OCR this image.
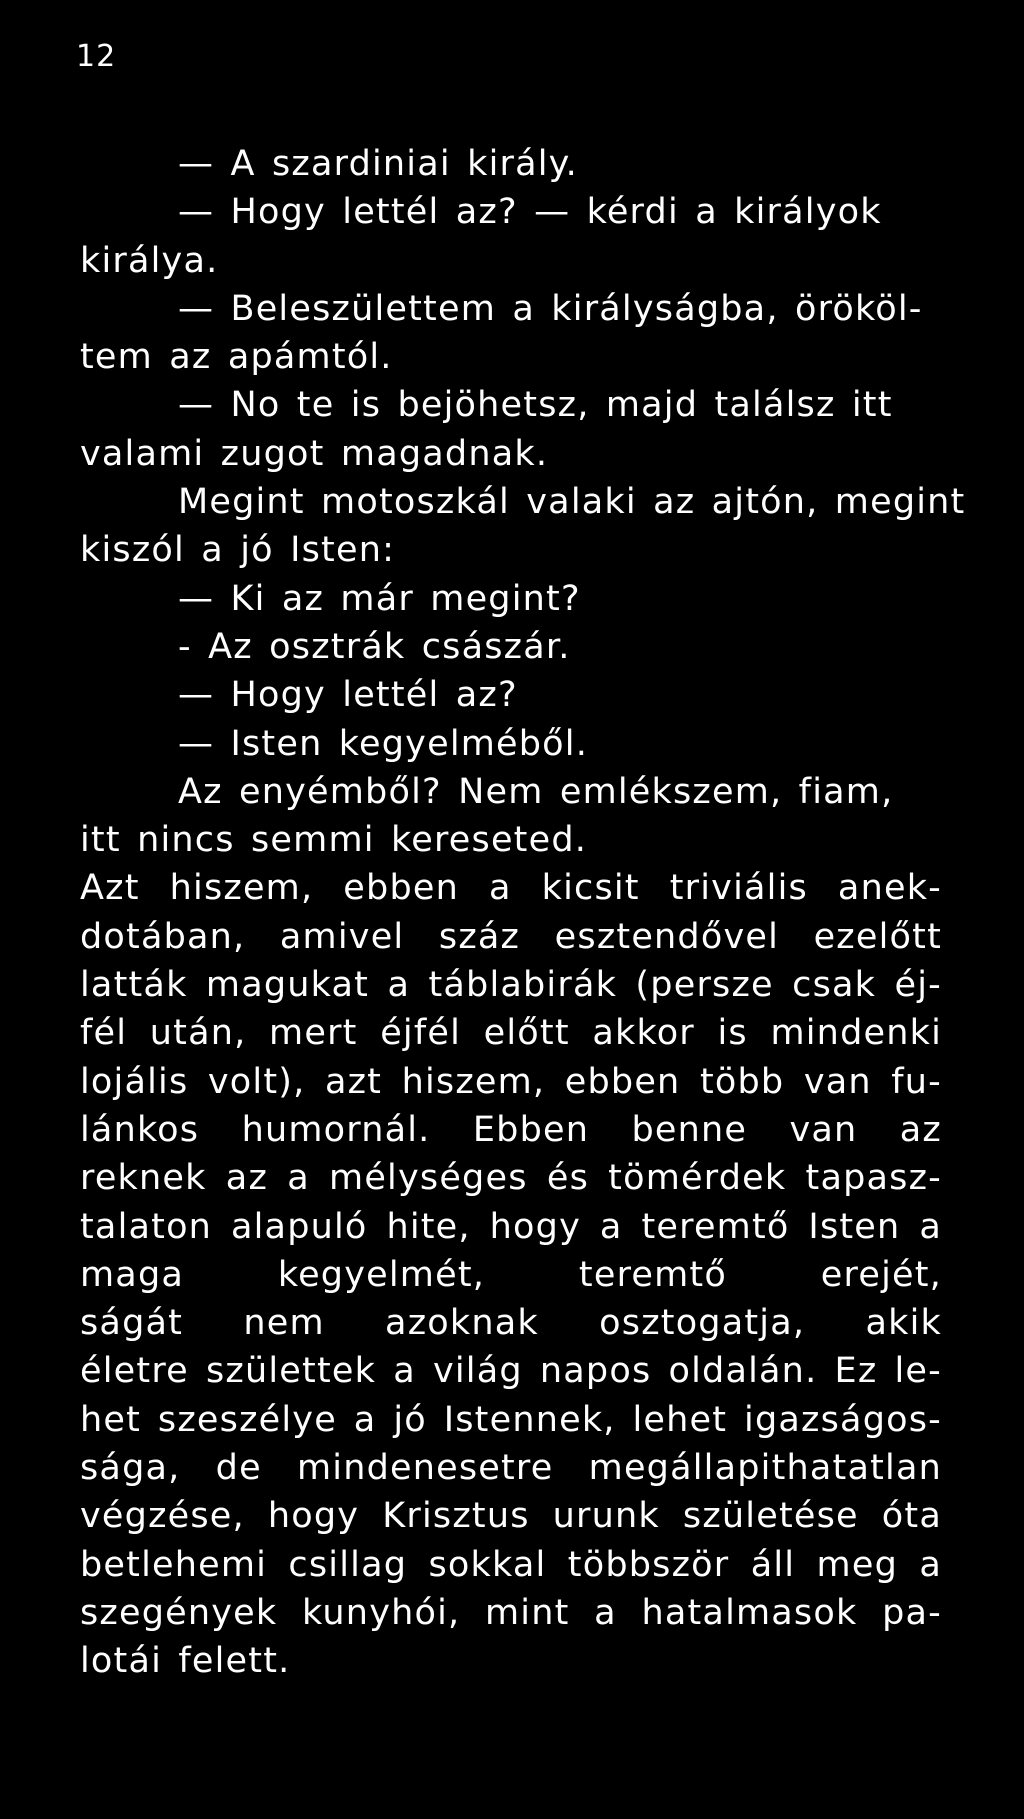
12
— A szardiniai király.
— Hogy lettél az? — kérdi a királyok
királya.
— Beleszülettem a királyságba, örököl-
tem az apámtól.
— No te is bejöhetsz, majd találsz itt
valami zugot magadnak.
Megint motoszkál valaki az ajtón, megint
kiszól a jó Isten:
— Ki az már megint?
- Az osztrák császár.
— Hogy lettél az?
— Isten kegyelméből.
Az enyémből? Nem emlékszem, fiam,
itt nincs semmi kereseted.
Azt hiszem, ebben a kicsit triviális anek-
dotában, amivel száz esztendővel ezelőtt
latták magukat a táblabirák (persze csak éj-
fél után, mert éjfél előtt akkor is mindenki
lojális volt), azt hiszem, ebben több van fu-
lánkos humornál. Ebben benne van az
reknek az a mélységes és tömérdek tapasz-
talaton alapuló hite, hogy a teremtő Isten a
maga kegyelmét, teremtő erejét,
ságát nem azoknak osztogatja, akik
életre születtek a világ napos oldalán. Ez le-
het szeszélye a jó Istennek, lehet igazságos-
sága, de mindenesetre megállapithatatlan
végzése, hogy Krisztus urunk születése óta
betlehemi csillag sokkal többször áll meg a
szegények kunyhói, mint a hatalmasok pa-
lotái felett.
